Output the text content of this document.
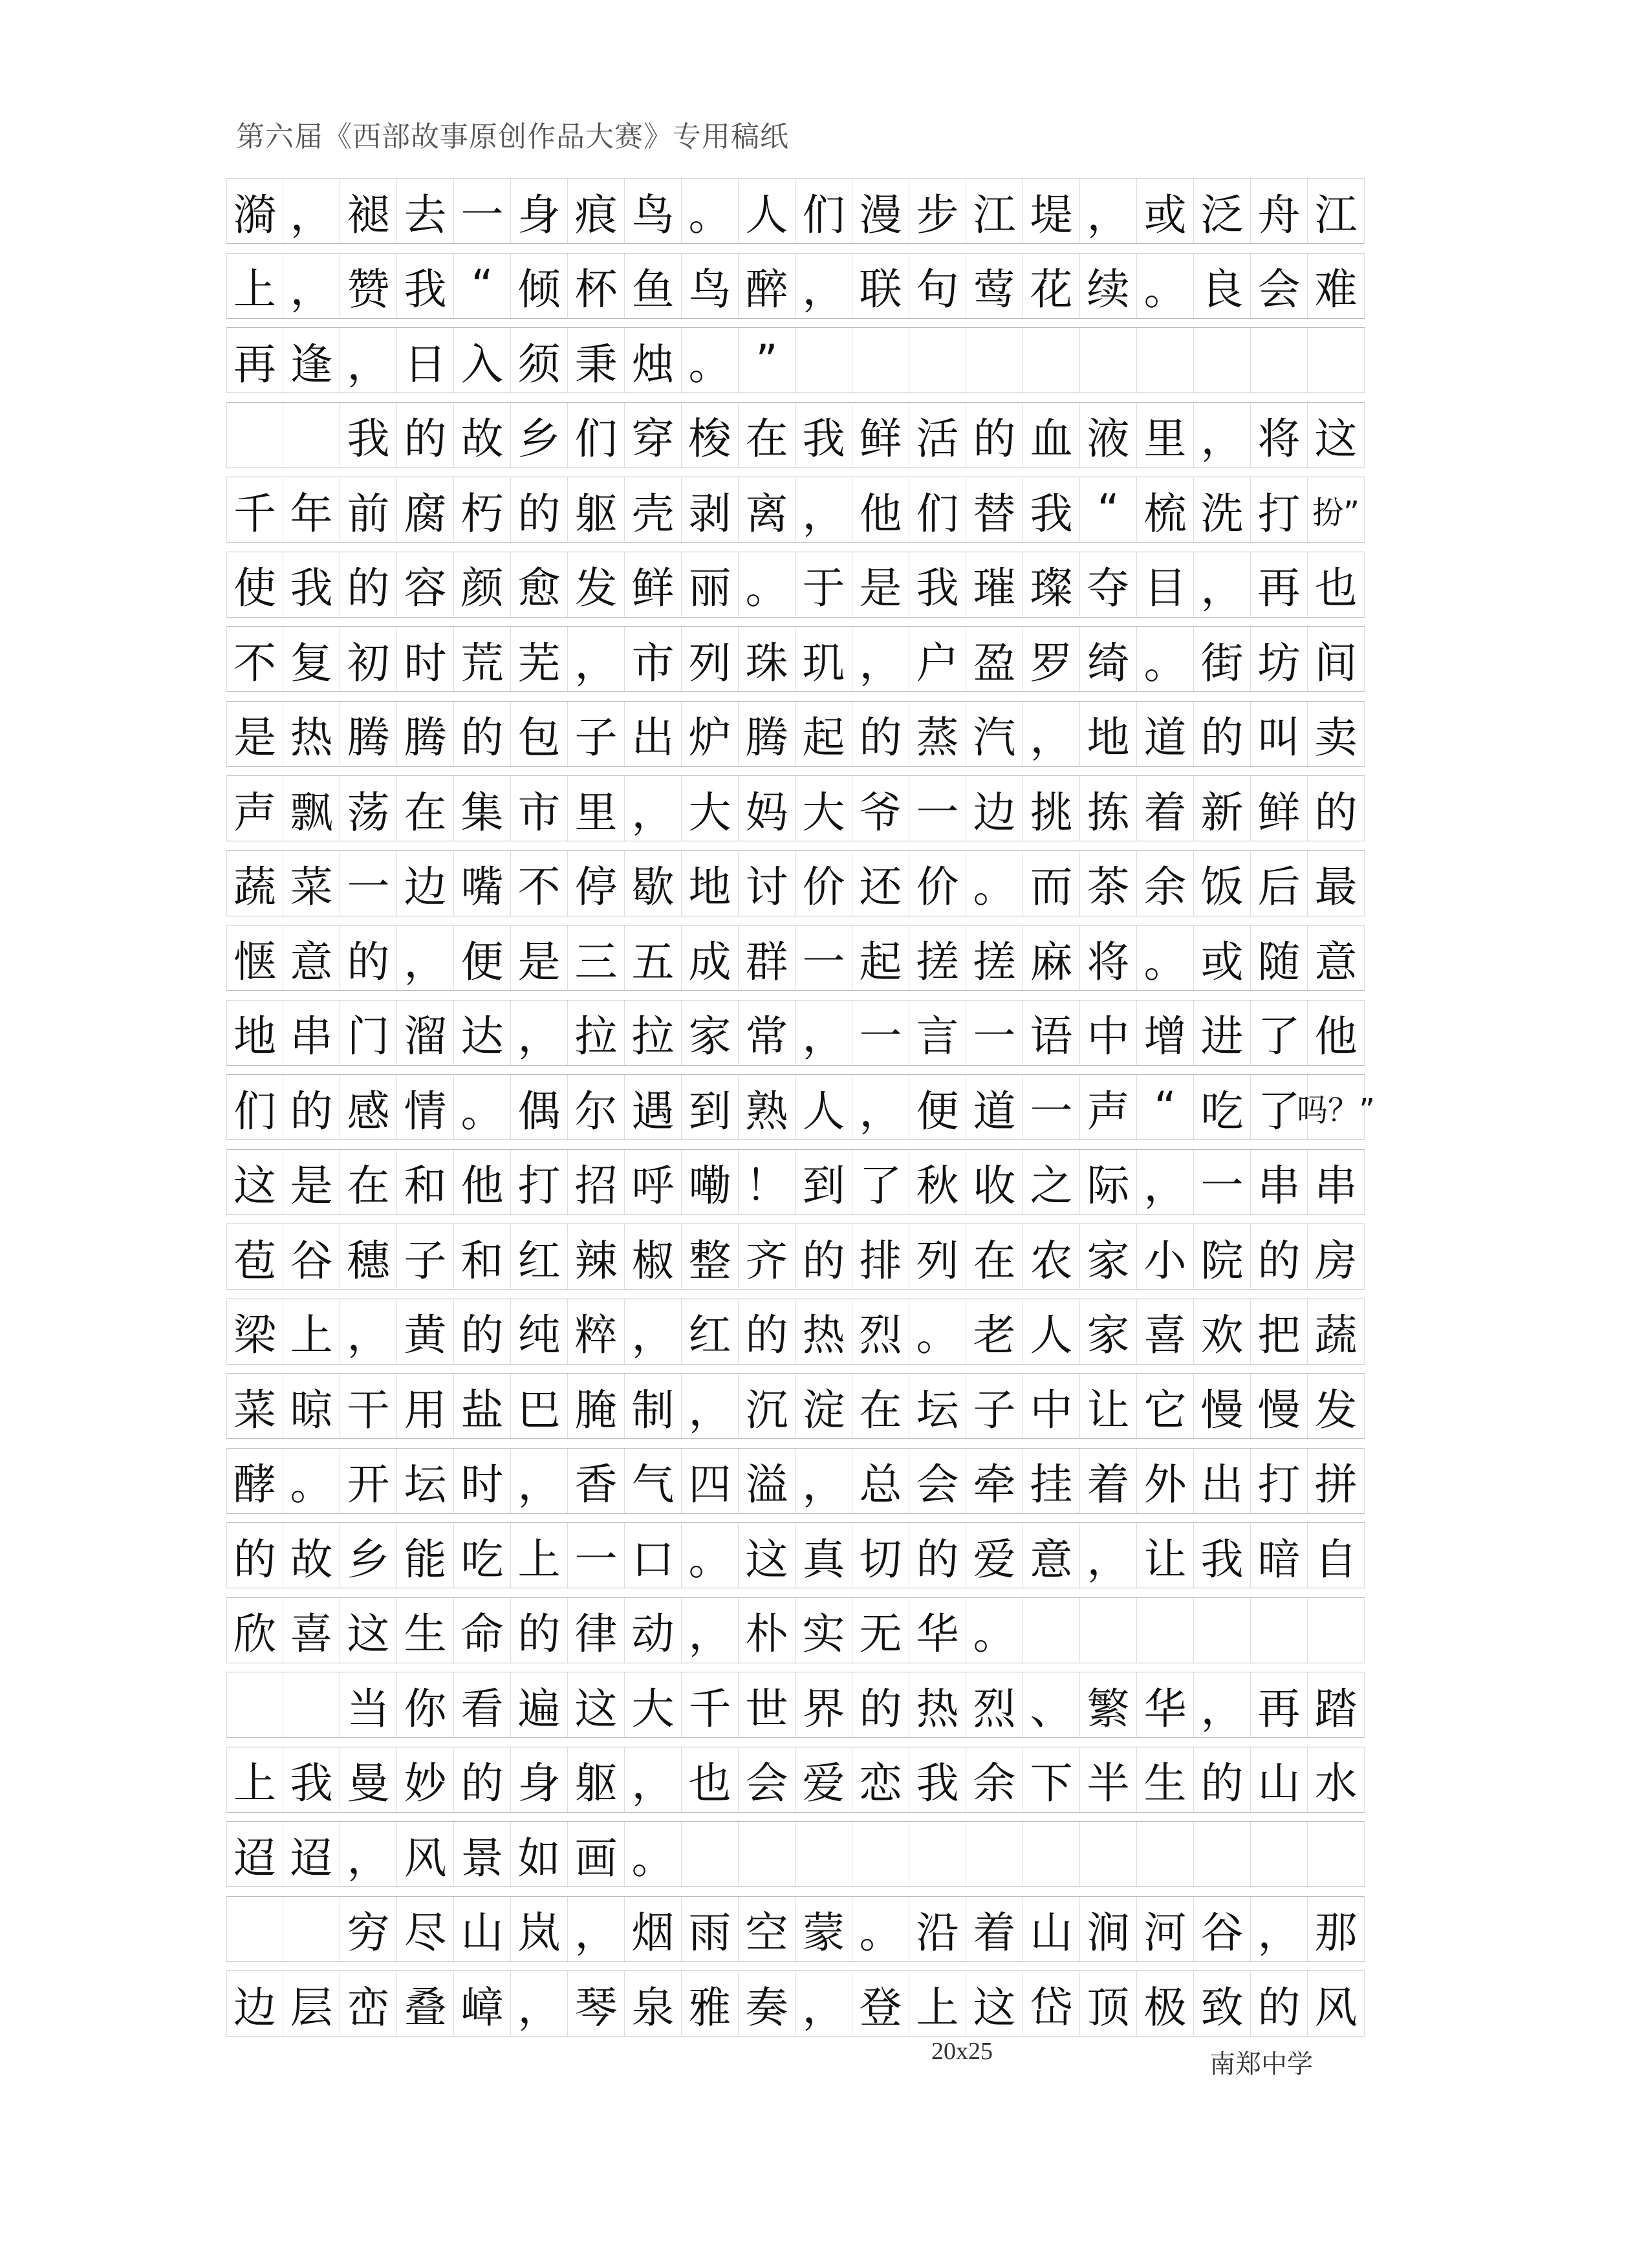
第六届《西部故事原创作品大赛》专用稿纸
漪 ， 褪 去 一 身 痕 鸟 。 人 们 漫 步 江 堤 ， 或 泛 舟 江
上 ， 赞 我 “ 倾 杯 鱼 鸟 醉 ， 联 句 莺 花 续 。 良 会 难
再 逢 ， 日 入 须 秉 烛 。 ”
我 的 故 乡 们 穿 梭 在 我 鲜 活 的 血 液 里 ， 将 这
千 年 前 腐 朽 的 躯 壳 剥 离 ， 他 们 替 我 “ 梳 洗 打 扮”
使 我 的 容 颜 愈 发 鲜 丽 。 于 是 我 璀 璨 夺 目 ， 再 也
不 复 初 时 荒 芜 ， 市 列 珠 玑 ， 户 盈 罗 绮 。 街 坊 间
是 热 腾 腾 的 包 子 出 炉 腾 起 的 蒸 汽 ， 地 道 的 叫 卖
声 飘 荡 在 集 市 里 ， 大 妈 大 爷 一 边 挑 拣 着 新 鲜 的
蔬 菜 一 边 嘴 不 停 歇 地 讨 价 还 价 。 而 茶 余 饭 后 最
惬 意 的 ， 便 是 三 五 成 群 一 起 搓 搓 麻 将 。 或 随 意
地 串 门 溜 达 ， 拉 拉 家 常 ， 一 言 一 语 中 增 进 了 他
们 的 感 情 。 偶 尔 遇 到 熟 人 ， 便 道 一 声 “ 吃 了
吗？”
这 是 在 和 他 打 招 呼 嘞 ！ 到 了 秋 收 之 际 ， 一 串 串
苞 谷 穗 子 和 红 辣 椒 整 齐 的 排 列 在 农 家 小 院 的 房
梁 上 ， 黄 的 纯 粹 ， 红 的 热 烈 。 老 人 家 喜 欢 把 蔬
菜 晾 干 用 盐 巴 腌 制 ， 沉 淀 在 坛 子 中 让 它 慢 慢 发
酵 。 开 坛 时 ， 香 气 四 溢 ， 总 会 牵 挂 着 外 出 打 拼
的 故 乡 能 吃 上 一 口 。 这 真 切 的 爱 意 ， 让 我 暗 自
欣 喜 这 生 命 的 律 动 ， 朴 实 无 华 。
当 你 看 遍 这 大 千 世 界 的 热 烈 、 繁 华 ， 再 踏
上 我 曼 妙 的 身 躯 ， 也 会 爱 恋 我 余 下 半 生 的 山 水
迢 迢 ， 风 景 如 画 。
穷 尽 山 岚 ， 烟 雨 空 蒙 。 沿 着 山 涧 河 谷 ， 那
边 层 峦 叠 嶂 ， 琴 泉 雅 奏 ， 登 上 这 岱 顶 极 致 的 风
20x25	南郑中学
